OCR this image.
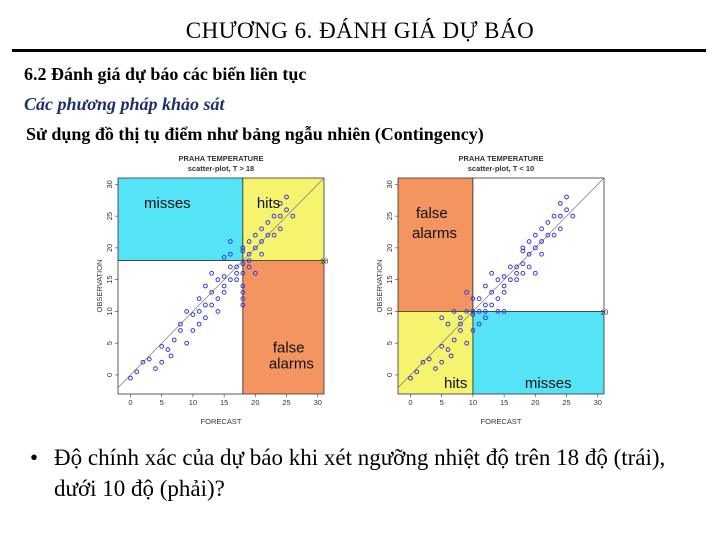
CHƯƠNG 6. ĐÁNH GIÁ DỰ BÁO
6.2 Đánh giá dự báo các biến liên tục
Các phương pháp khảo sát
Sử dụng đồ thị tụ điểm như bảng ngẫu nhiên (Contingency)
PRAHA TEMPERATURE
scatter-plot, T > 18
0	5	10	15	20	25	30
0
5
10
15
20
25
30
FORECAST
OBSERVATION
misses	hits
false
alarms
18
PRAHA TEMPERATURE
scatter-plot, T < 10
0	5	10	15	20	25	30
0
5
10
15
20
25
30
FORECAST
OBSERVATION
false
alarms
hits	misses
10
• Độ chính xác của dự báo khi xét ngưỡng nhiệt độ trên 18 độ (trái), dưới 10 độ (phải)?
